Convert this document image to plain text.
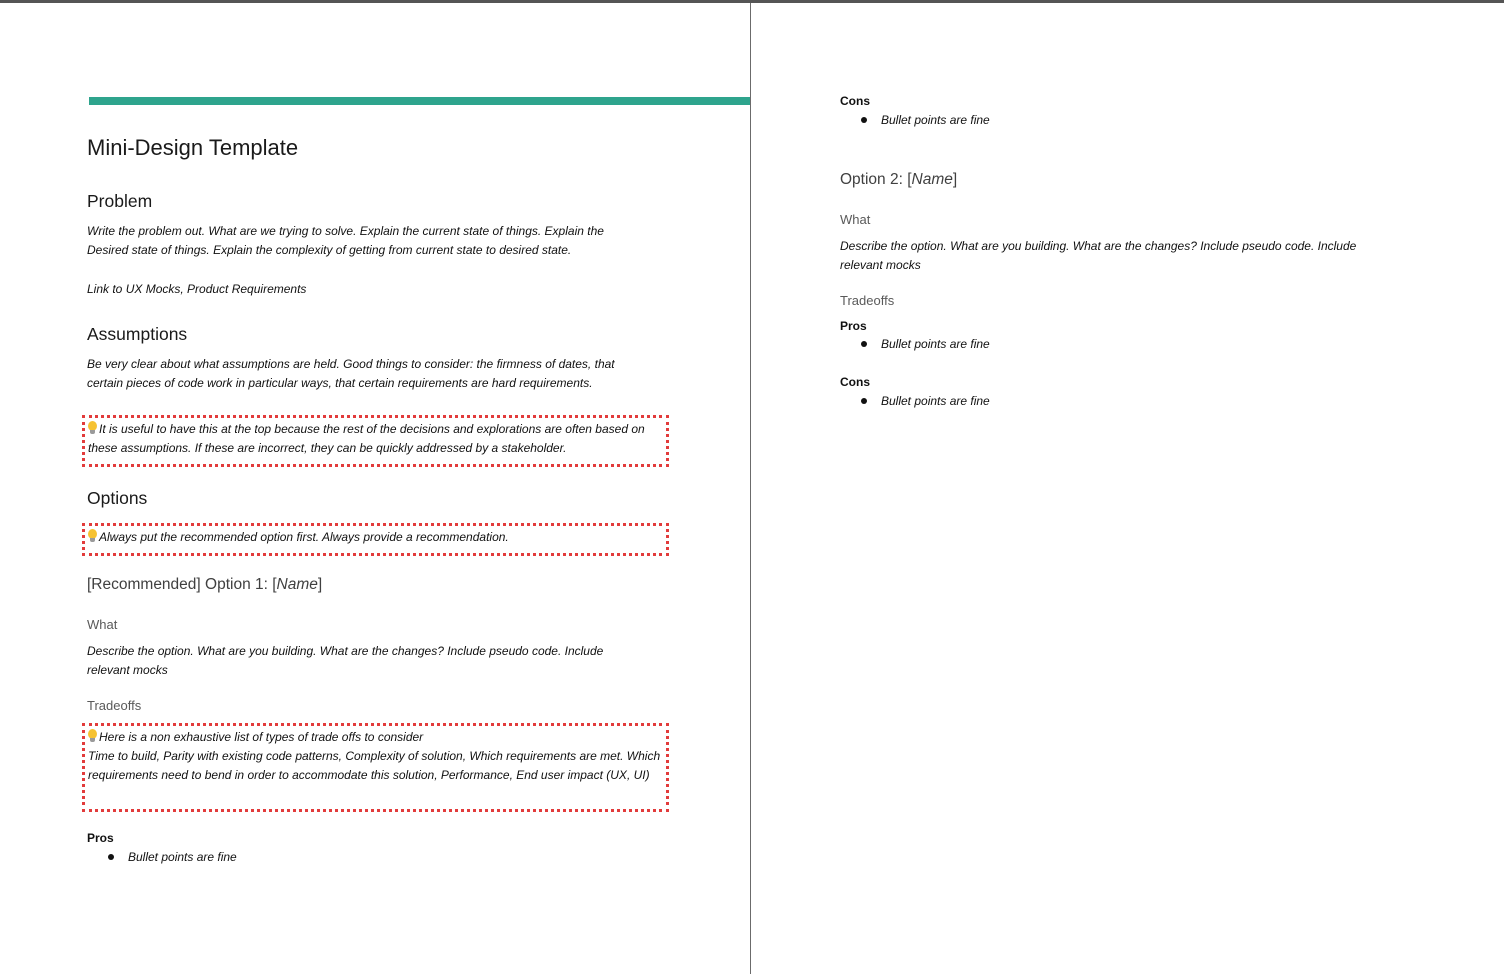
Mini-Design Template
Problem

Write the problem out. What are we trying to solve. Explain the current state of things. Explain the Desired state of things. Explain the complexity of getting from current state to desired state.

Link to UX Mocks, Product Requirements

Assumptions

Be very clear about what assumptions are held. Good things to consider: the firmness of dates, that certain pieces of code work in particular ways, that certain requirements are hard requirements.

It is useful to have this at the top because the rest of the decisions and explorations are often based on these assumptions. If these are incorrect, they can be quickly addressed by a stakeholder.
Options
Always put the recommended option first. Always provide a recommendation.
[Recommended] Option 1: [Name]
What

Describe the option. What are you building. What are the changes? Include pseudo code. Include relevant mocks

Tradeoffs
Here is a non exhaustive list of types of trade offs to consider
Time to build, Parity with existing code patterns, Complexity of solution, Which requirements are met. Which requirements need to bend in order to accommodate this solution, Performance, End user impact (UX, UI)
Pros
Bullet points are fine
Cons
Bullet points are fine
Option 2: [Name]
What

Describe the option. What are you building. What are the changes? Include pseudo code. Include relevant mocks

Tradeoffs
Pros
Bullet points are fine
Cons
Bullet points are fine
